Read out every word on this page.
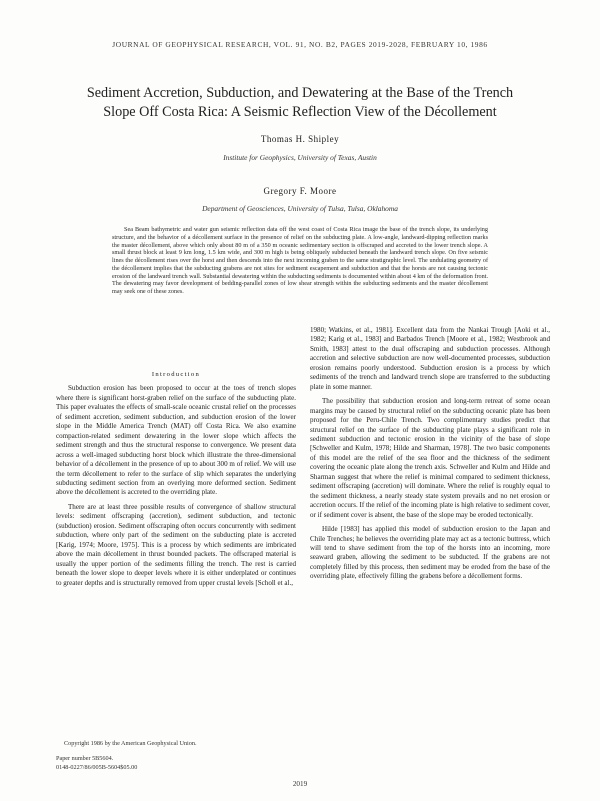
JOURNAL OF GEOPHYSICAL RESEARCH, VOL. 91, NO. B2, PAGES 2019-2028, FEBRUARY 10, 1986
Sediment Accretion, Subduction, and Dewatering at the Base of the Trench
Slope Off Costa Rica: A Seismic Reflection View of the Décollement
Thomas H. Shipley
Institute for Geophysics, University of Texas, Austin
Gregory F. Moore
Department of Geosciences, University of Tulsa, Tulsa, Oklahoma
Sea Beam bathymetric and water gun seismic reflection data off the west coast of Costa Rica image the base of the trench slope, its underlying structure, and the behavior of a décollement surface in the presence of relief on the subducting plate. A low-angle, landward-dipping reflection marks the master décollement, above which only about 80 m of a 350 m oceanic sedimentary section is offscraped and accreted to the lower trench slope. A small thrust block at least 9 km long, 1.5 km wide, and 300 m high is being obliquely subducted beneath the landward trench slope. On five seismic lines the décollement rises over the horst and then descends into the next incoming graben to the same stratigraphic level. The undulating geometry of the décollement implies that the subducting grabens are not sites for sediment escapement and subduction and that the horsts are not causing tectonic erosion of the landward trench wall. Substantial dewatering within the subducting sediments is documented within about 4 km of the deformation front. The dewatering may favor development of bedding-parallel zones of low shear strength within the subducting sediments and the master décollement may seek one of these zones.

Introduction

Subduction erosion has been proposed to occur at the toes of trench slopes where there is significant horst-graben relief on the surface of the subducting plate. This paper evaluates the effects of small-scale oceanic crustal relief on the processes of sediment accretion, sediment subduction, and subduction erosion of the lower slope in the Middle America Trench (MAT) off Costa Rica. We also examine compaction-related sediment dewatering in the lower slope which affects the sediment strength and thus the structural response to convergence. We present data across a well-imaged subducting horst block which illustrate the three-dimensional behavior of a décollement in the presence of up to about 300 m of relief. We will use the term décollement to refer to the surface of slip which separates the underlying subducting sediment section from an overlying more deformed section. Sediment above the décollement is accreted to the overriding plate.

There are at least three possible results of convergence of shallow structural levels: sediment offscraping (accretion), sediment subduction, and tectonic (subduction) erosion. Sediment offscraping often occurs concurrently with sediment subduction, where only part of the sediment on the subducting plate is accreted [Karig, 1974; Moore, 1975]. This is a process by which sediments are imbricated above the main décollement in thrust bounded packets. The offscraped material is usually the upper portion of the sediments filling the trench. The rest is carried beneath the lower slope to deeper levels where it is either underplated or continues to greater depths and is structurally removed from upper crustal levels [Scholl et al.,

1980; Watkins, et al., 1981]. Excellent data from the Nankai Trough [Aoki et al., 1982; Karig et al., 1983] and Barbados Trench [Moore et al., 1982; Westbrook and Smith, 1983] attest to the dual offscraping and subduction processes. Although accretion and selective subduction are now well-documented processes, subduction erosion remains poorly understood. Subduction erosion is a process by which sediments of the trench and landward trench slope are transferred to the subducting plate in some manner.

The possibility that subduction erosion and long-term retreat of some ocean margins may be caused by structural relief on the subducting oceanic plate has been proposed for the Peru-Chile Trench. Two complimentary studies predict that structural relief on the surface of the subducting plate plays a significant role in sediment subduction and tectonic erosion in the vicinity of the base of slope [Schweller and Kulm, 1978; Hilde and Sharman, 1978]. The two basic components of this model are the relief of the sea floor and the thickness of the sediment covering the oceanic plate along the trench axis. Schweller and Kulm and Hilde and Sharman suggest that where the relief is minimal compared to sediment thickness, sediment offscraping (accretion) will dominate. Where the relief is roughly equal to the sediment thickness, a nearly steady state system prevails and no net erosion or accretion occurs. If the relief of the incoming plate is high relative to sediment cover, or if sediment cover is absent, the base of the slope may be eroded tectonically.

Hilde [1983] has applied this model of subduction erosion to the Japan and Chile Trenches; he believes the overriding plate may act as a tectonic buttress, which will tend to shave sediment from the top of the horsts into an incoming, more seaward graben, allowing the sediment to be subducted. If the grabens are not completely filled by this process, then sediment may be eroded from the base of the overriding plate, effectively filling the grabens before a décollement forms.

Copyright 1986 by the American Geophysical Union.
Paper number 5B5604.
0148-0227/86/005B-5604$05.00
2019
